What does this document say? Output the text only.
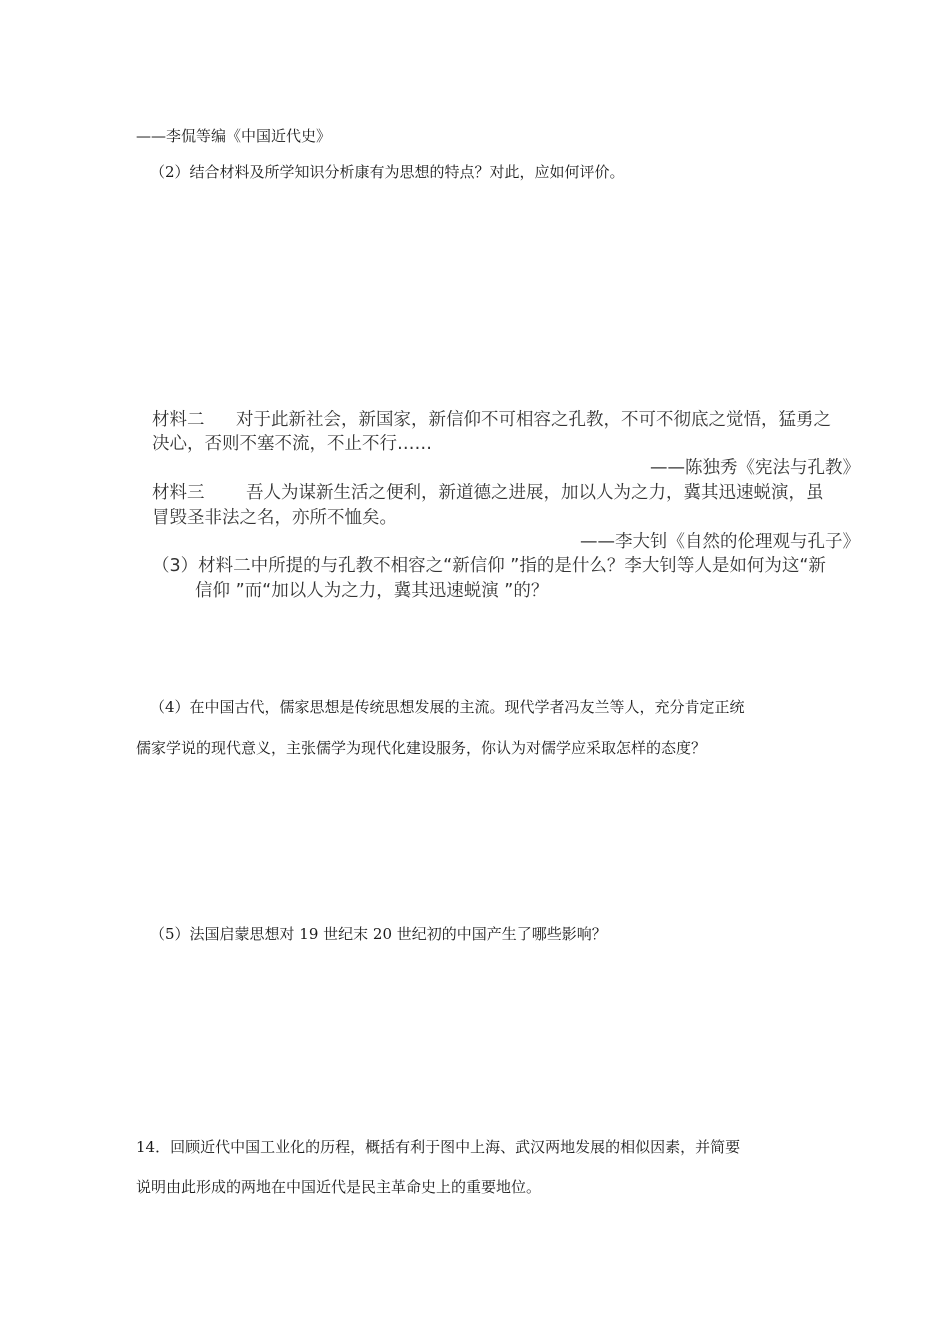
——李侃等编《中国近代史》
（2）结合材料及所学知识分析康有为思想的特点？对此，应如何评价。
材料二 对于此新社会，新国家，新信仰不可相容之孔教，不可不彻底之觉悟，猛勇之
决心，否则不塞不流，不止不行……
——陈独秀《宪法与孔教》
材料三 吾人为谋新生活之便利，新道德之进展，加以人为之力，冀其迅速蜕演，虽
冒毁圣非法之名，亦所不恤矣。
——李大钊《自然的伦理观与孔子》
（3）材料二中所提的与孔教不相容之“新信仰 ”指的是什么？李大钊等人是如何为这“新
信仰 ”而“加以人为之力，冀其迅速蜕演 ”的？
（4）在中国古代，儒家思想是传统思想发展的主流。现代学者冯友兰等人，充分肯定正统
儒家学说的现代意义，主张儒学为现代化建设服务，你认为对儒学应采取怎样的态度？
（5）法国启蒙思想对 19 世纪末 20 世纪初的中国产生了哪些影响？
14．回顾近代中国工业化的历程，概括有利于图中上海、武汉两地发展的相似因素，并简要
说明由此形成的两地在中国近代是民主革命史上的重要地位。
